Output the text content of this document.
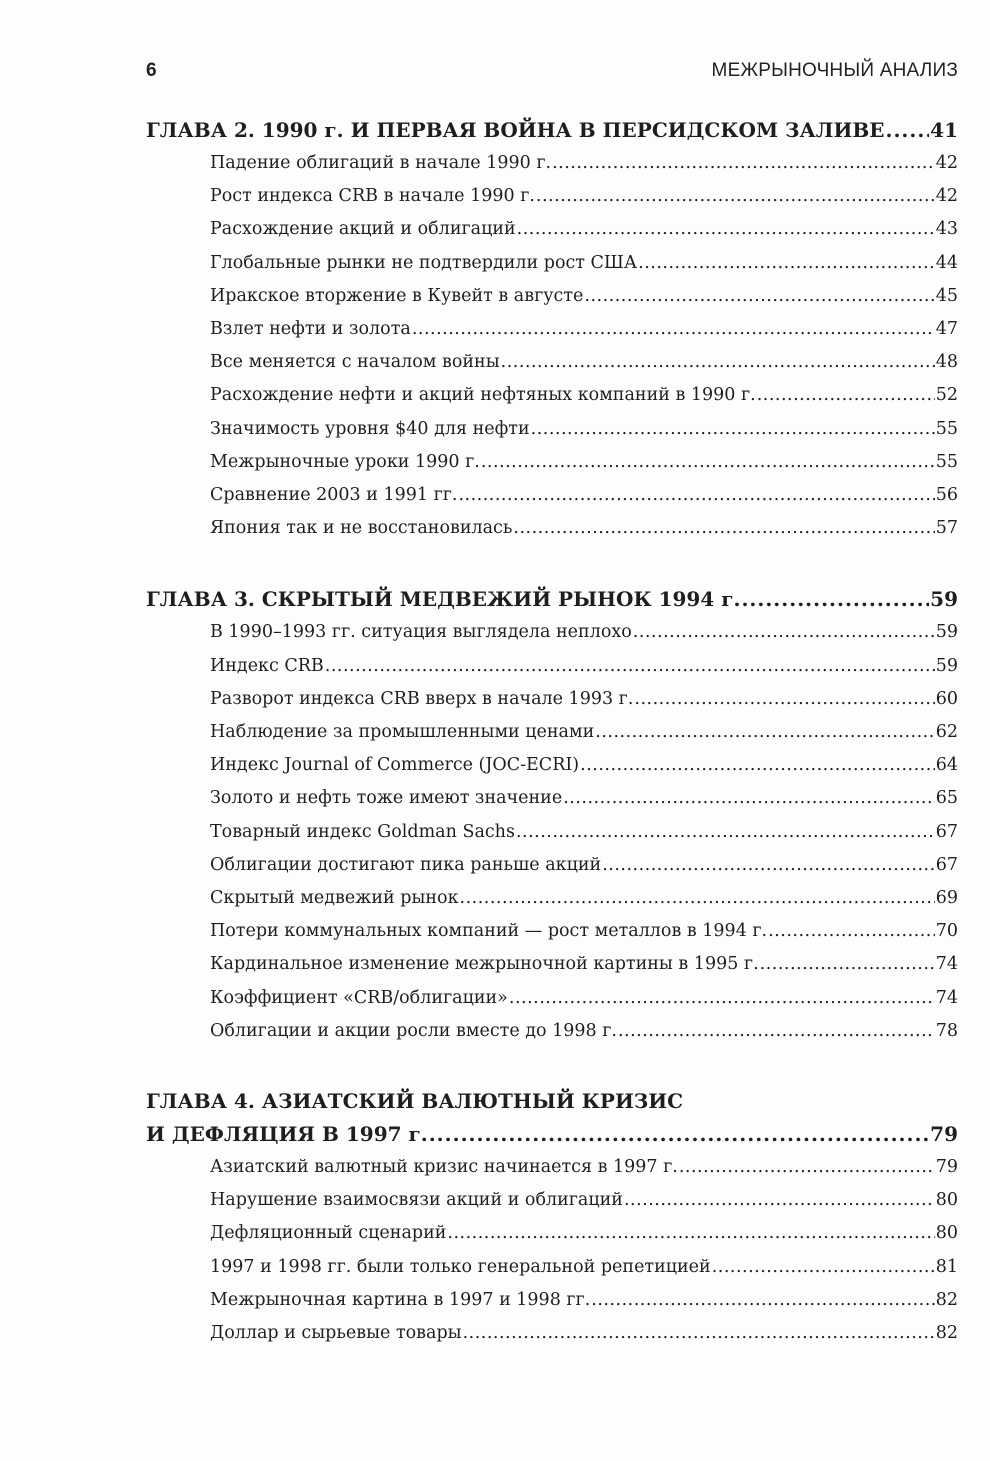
6	МЕЖРЫНОЧНЫЙ АНАЛИЗ
ГЛАВА 2. 1990 г. И ПЕРВАЯ ВОЙНА В ПЕРСИДСКОМ ЗАЛИВЕ ..... 41
Падение облигаций в начале 1990 г. .....	42
Рост индекса CRB в начале 1990 г. .....	42
Расхождение акций и облигаций .....	43
Глобальные рынки не подтвердили рост США .....	44
Иракское вторжение в Кувейт в августе .....	45
Взлет нефти и золота .....	47
Все меняется с началом войны .....	48
Расхождение нефти и акций нефтяных компаний в 1990 г. .....	52
Значимость уровня $40 для нефти .....	55
Межрыночные уроки 1990 г. .....	55
Сравнение 2003 и 1991 гг. .....	56
Япония так и не восстановилась .....	57
ГЛАВА 3. СКРЫТЫЙ МЕДВЕЖИЙ РЫНОК 1994 г. .....	59
В 1990–1993 гг. ситуация выглядела неплохо .....	59
Индекс CRB .....	59
Разворот индекса CRB вверх в начале 1993 г. .....	60
Наблюдение за промышленными ценами .....	62
Индекс Journal of Commerce (JOC-ECRI) .....	64
Золото и нефть тоже имеют значение .....	65
Товарный индекс Goldman Sachs .....	67
Облигации достигают пика раньше акций .....	67
Скрытый медвежий рынок .....	69
Потери коммунальных компаний — рост металлов в 1994 г. .....	70
Кардинальное изменение межрыночной картины в 1995 г. .....	74
Коэффициент «CRB/облигации» .....	74
Облигации и акции росли вместе до 1998 г. .....	78
ГЛАВА 4. АЗИАТСКИЙ ВАЛЮТНЫЙ КРИЗИС
И ДЕФЛЯЦИЯ В 1997 г. .....	79
Азиатский валютный кризис начинается в 1997 г. .....	79
Нарушение взаимосвязи акций и облигаций .....	80
Дефляционный сценарий .....	80
1997 и 1998 гг. были только генеральной репетицией .....	81
Межрыночная картина в 1997 и 1998 гг. .....	82
Доллар и сырьевые товары .....	82
